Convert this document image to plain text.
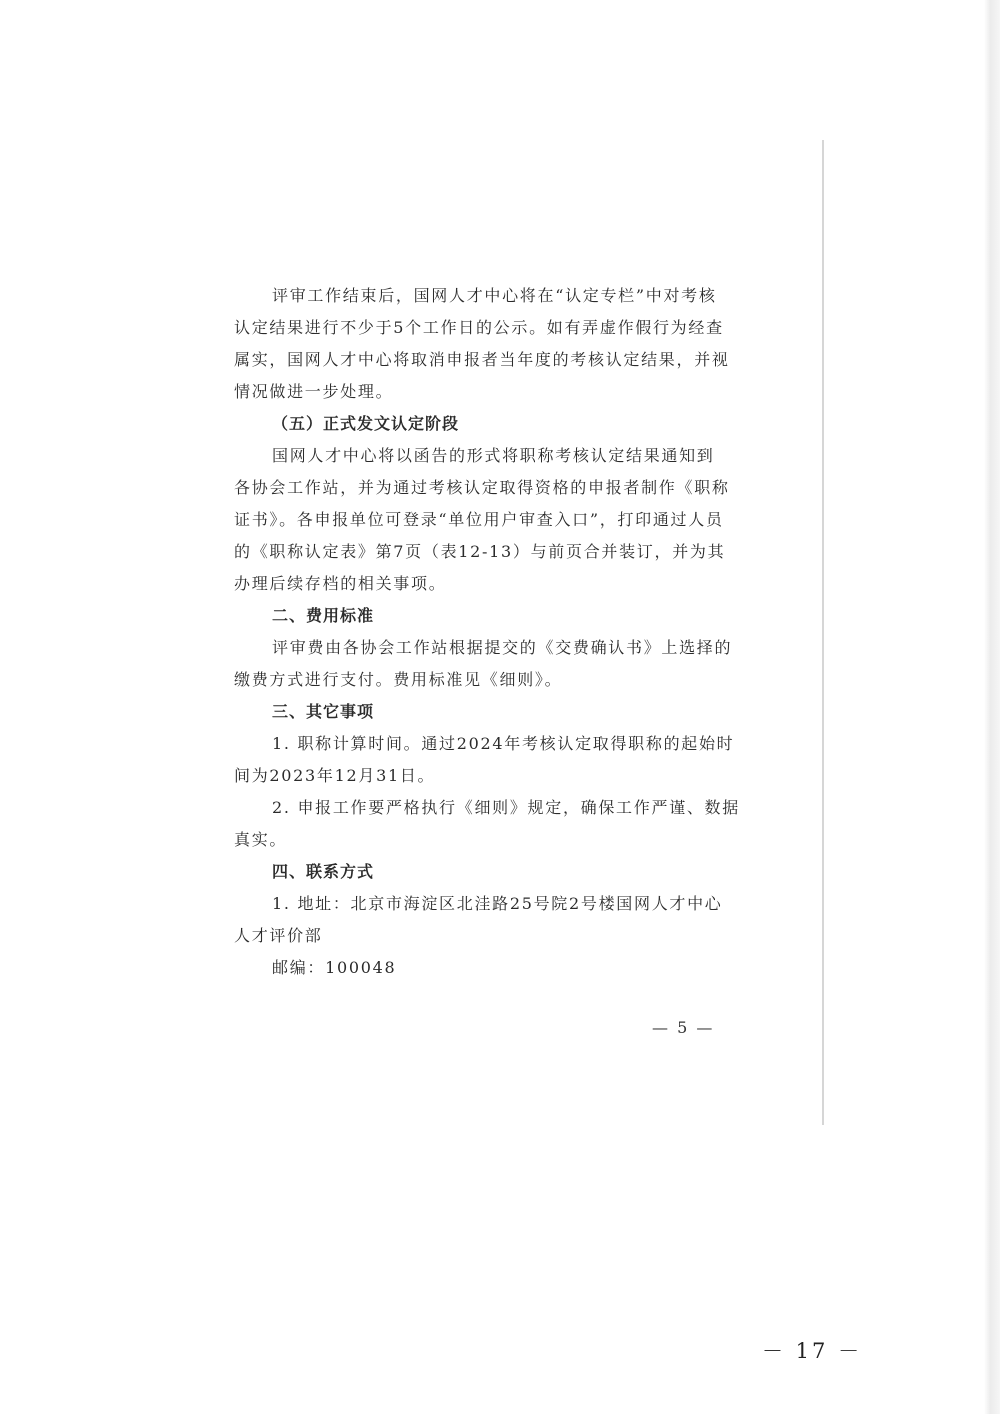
评审工作结束后，国网人才中心将在“认定专栏”中对考核
认定结果进行不少于5个工作日的公示。如有弄虚作假行为经查
属实，国网人才中心将取消申报者当年度的考核认定结果，并视
情况做进一步处理。
（五）正式发文认定阶段
国网人才中心将以函告的形式将职称考核认定结果通知到
各协会工作站，并为通过考核认定取得资格的申报者制作《职称
证书》。各申报单位可登录“单位用户审查入口”，打印通过人员
的《职称认定表》第7页（表12-13）与前页合并装订，并为其
办理后续存档的相关事项。
二、费用标准
评审费由各协会工作站根据提交的《交费确认书》上选择的
缴费方式进行支付。费用标准见《细则》。
三、其它事项
1. 职称计算时间。通过2024年考核认定取得职称的起始时
间为2023年12月31日。
2. 申报工作要严格执行《细则》规定，确保工作严谨、数据
真实。
四、联系方式
1. 地址：北京市海淀区北洼路25号院2号楼国网人才中心
人才评价部
邮编：100048
— 5 —
－ 17 －
